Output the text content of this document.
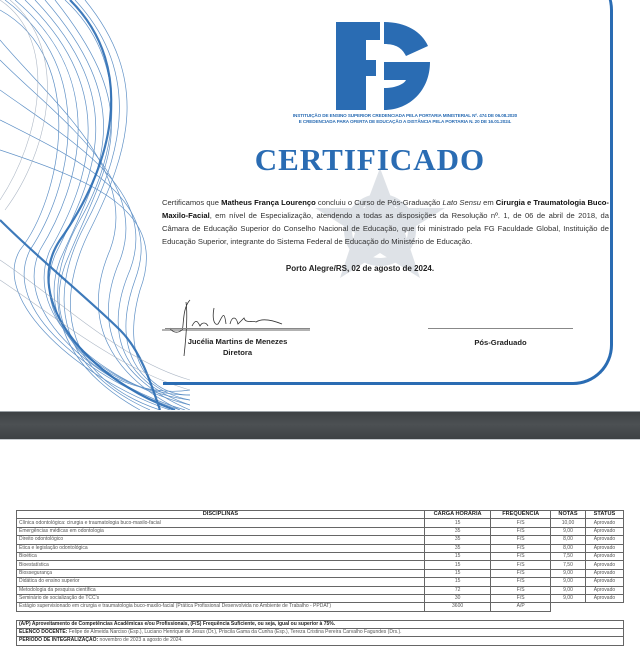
INSTITUIÇÃO DE ENSINO SUPERIOR CREDENCIADA PELA PORTARIA MINISTERIAL Nº. 474 DE 06.08.2020
E CREDENCIADA PARA OFERTA DE EDUCAÇÃO A DISTÂNCIA PELA PORTARIA N. 20 DE 16.01.2024.
CERTIFICADO
Certificamos que Matheus França Lourenço concluiu o Curso de Pós-Graduação Lato Sensu em Cirurgia e Traumatologia Buco-Maxilo-Facial, em nível de Especialização, atendendo a todas as disposições da Resolução nº. 1, de 06 de abril de 2018, da Câmara de Educação Superior do Conselho Nacional de Educação, que foi ministrado pela FG Faculdade Global, Instituição de Educação Superior, integrante do Sistema Federal de Educação do Ministério de Educação.
Porto Alegre/RS, 02 de agosto de 2024.
Jucélia Martins de Menezes
Diretora
Pós-Graduado
DISCIPLINAS	CARGA HORÁRIA	FREQUÊNCIA	NOTAS	STATUS
Clínica odontológica: cirurgia e traumatologia buco-maxilo-facial	15	F/S	10,00	Aprovado
Emergências médicas em odontologia	35	F/S	9,00	Aprovado
Direito odontológico	35	F/S	8,00	Aprovado
Ética e legislação odontológica	35	F/S	8,00	Aprovado
Bioética	15	F/S	7,50	Aprovado
Bioestatística	15	F/S	7,50	Aprovado
Biossegurança	15	F/S	9,00	Aprovado
Didática do ensino superior	15	F/S	9,00	Aprovado
Metodologia da pesquisa científica	72	F/S	9,00	Aprovado
Seminário de socialização de TCC's	30	F/S	9,00	Aprovado
Estágio supervisionado em cirurgia e traumatologia buco-maxilo-facial (Prática Profissional Desenvolvida no Ambiente de Trabalho - PPDAT)	3600	A/P		
(A/P) Aproveitamento de Competências Acadêmicas e/ou Profissionais, (F/S) Frequência Suficiente, ou seja, igual ou superior à 75%.
ELENCO DOCENTE: Felipe de Almeida Narciso (Esp.), Luciano Henrique de Jesus (Dr.), Priscila Gama da Cunha (Esp.), Tereza Cristina Pereira Carvalho Fagundes (Drs.).
PERÍODO DE INTEGRALIZAÇÃO: novembro de 2023 a agosto de 2024.
